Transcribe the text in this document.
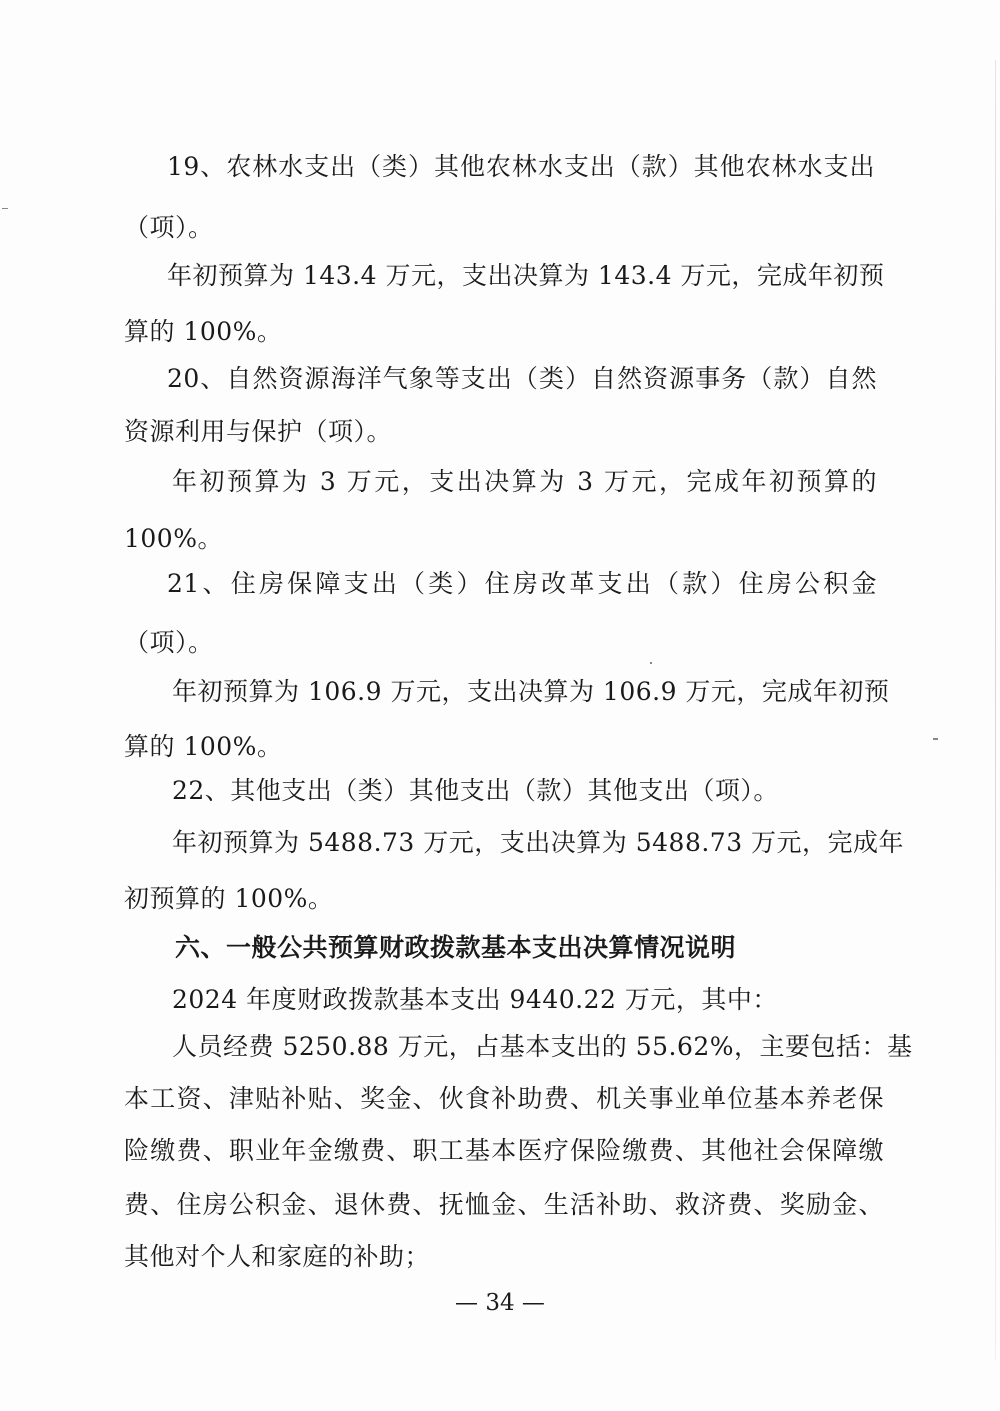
19、农林水支出（类）其他农林水支出（款）其他农林水支出
（项）。
年初预算为 143.4 万元，支出决算为 143.4 万元，完成年初预
算的 100%。
20、自然资源海洋气象等支出（类）自然资源事务（款）自然
资源利用与保护（项）。
年初预算为 3 万元，支出决算为 3 万元，完成年初预算的
100%。
21、住房保障支出（类）住房改革支出（款）住房公积金
（项）。
年初预算为 106.9 万元，支出决算为 106.9 万元，完成年初预
算的 100%。
22、其他支出（类）其他支出（款）其他支出（项）。
年初预算为 5488.73 万元，支出决算为 5488.73 万元，完成年
初预算的 100%。
六、一般公共预算财政拨款基本支出决算情况说明
2024 年度财政拨款基本支出 9440.22 万元，其中：
人员经费 5250.88 万元，占基本支出的 55.62%，主要包括：基
本工资、津贴补贴、奖金、伙食补助费、机关事业单位基本养老保
险缴费、职业年金缴费、职工基本医疗保险缴费、其他社会保障缴
费、住房公积金、退休费、抚恤金、生活补助、救济费、奖励金、
其他对个人和家庭的补助；
— 34 —
